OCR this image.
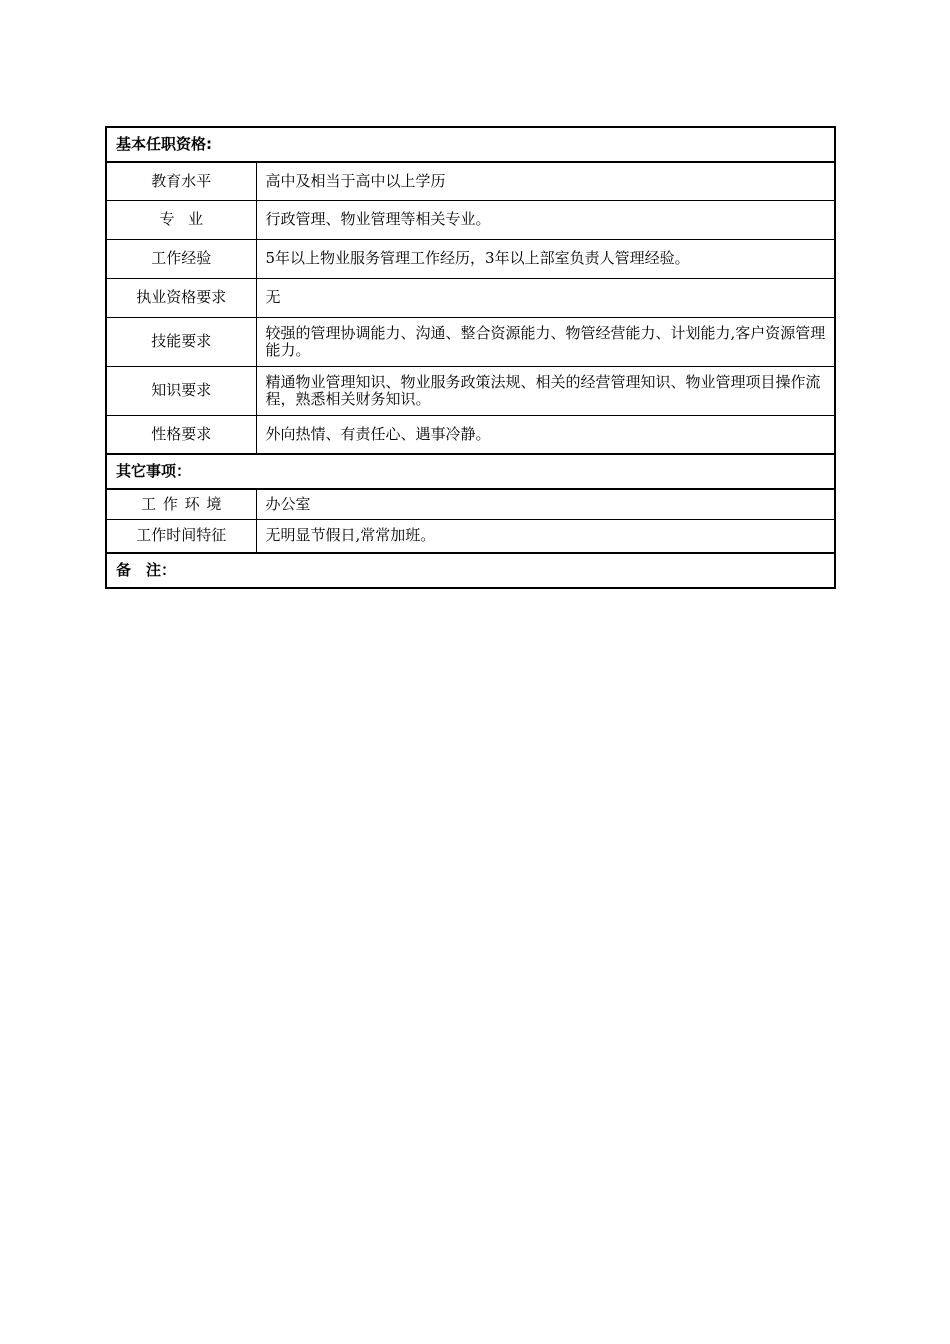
基本任职资格:	
教育水平	高中及相当于高中以上学历
专业	行政管理、物业管理等相关专业。
工作经验	5年以上物业服务管理工作经历，3年以上部室负责人管理经验。
执业资格要求	无
技能要求	较强的管理协调能力、沟通、整合资源能力、物管经营能力、计划能力,客户资源管理能力。
知识要求	精通物业管理知识、物业服务政策法规、相关的经营管理知识、物业管理项目操作流程，熟悉相关财务知识。
性格要求	外向热情、有责任心、遇事冷静。
其它事项：	
工作环境	办公室
工作时间特征	无明显节假日,常常加班。
备　注：	
